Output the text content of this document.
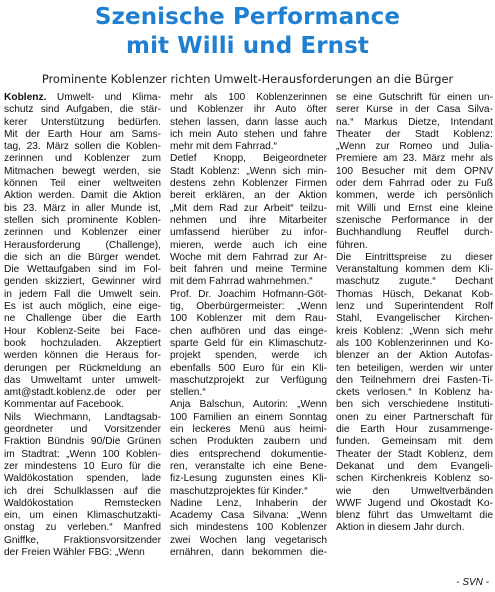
Szenische Performance
mit Willi und Ernst
Prominente Koblenzer richten Umwelt-Herausforderungen an die Bürger
Koblenz. Umwelt- und Klima-
schutz sind Aufgaben, die stär-
kerer Unterstützung bedürfen.
Mit der Earth Hour am Sams-
tag, 23. März sollen die Koblen-
zerinnen und Koblenzer zum
Mitmachen bewegt werden, sie
können Teil einer weltweiten
Aktion werden. Damit die Aktion
bis 23. März in aller Munde ist,
stellen sich prominente Koblen-
zerinnen und Koblenzer einer
Herausforderung (Challenge),
die sich an die Bürger wendet.
Die Wettaufgaben sind im Fol-
genden skizziert, Gewinner wird
in jedem Fall die Umwelt sein.
Es ist auch möglich, eine eige-
ne Challenge über die Earth
Hour Koblenz-Seite bei Face-
book hochzuladen. Akzeptiert
werden können die Heraus for-
derungen per Rückmeldung an
das Umweltamt unter umwelt-
amt@stadt.koblenz.de oder per
Kommentar auf Facebook.
Nils Wiechmann, Landtagsab-
geordneter und Vorsitzender
Fraktion Bündnis 90/Die Grünen
im Stadtrat: „Wenn 100 Koblen-
zer mindestens 10 Euro für die
Waldökostation spenden, lade
ich drei Schulklassen auf die
Waldökostation Remstecken
ein, um einen Klimaschutzakti-
onstag zu verleben.“ Manfred
Gniffke, Fraktionsvorsitzender
der Freien Wähler FBG: „Wenn
mehr als 100 Koblenzerinnen
und Koblenzer ihr Auto öfter
stehen lassen, dann lasse auch
ich mein Auto stehen und fahre
mehr mit dem Fahrrad.“
Detlef Knopp, Beigeordneter
Stadt Koblenz: „Wenn sich min-
destens zehn Koblenzer Firmen
bereit erklären, an der Aktion
„Mit dem Rad zur Arbeit“ teilzu-
nehmen und ihre Mitarbeiter
umfassend hierüber zu infor-
mieren, werde auch ich eine
Woche mit dem Fahrrad zur Ar-
beit fahren und meine Termine
mit dem Fahrrad wahrnehmen.“
Prof. Dr. Joachim Hofmann-Göt-
tig, Oberbürgermeister: „Wenn
100 Koblenzer mit dem Rau-
chen aufhören und das einge-
sparte Geld für ein Klimaschutz-
projekt spenden, werde ich
ebenfalls 500 Euro für ein Kli-
maschutzprojekt zur Verfügung
stellen.“
Anja Balschun, Autorin: „Wenn
100 Familien an einem Sonntag
ein leckeres Menü aus heimi-
schen Produkten zaubern und
dies entsprechend dokumentie-
ren, veranstalte ich eine Bene-
fiz-Lesung zugunsten eines Kli-
maschutzprojektes für Kinder.“
Nadine Lenz, Inhaberin der
Academy Casa Silvana: „Wenn
sich mindestens 100 Koblenzer
zwei Wochen lang vegetarisch
ernähren, dann bekommen die-
se eine Gutschrift für einen un-
serer Kurse in der Casa Silva-
na.“ Markus Dietze, Intendant
Theater der Stadt Koblenz:
„Wenn zur Romeo und Julia-
Premiere am 23. März mehr als
100 Besucher mit dem ÖPNV
oder dem Fahrrad oder zu Fuß
kommen, werde ich persönlich
mit Willi und Ernst eine kleine
szenische Performance in der
Buchhandlung Reuffel durch-
führen.
Die Eintrittspreise zu dieser
Veranstaltung kommen dem Kli-
maschutz zugute.“ Dechant
Thomas Hüsch, Dekanat Kob-
lenz und Superintendent Rolf
Stahl, Evangelischer Kirchen-
kreis Koblenz: „Wenn sich mehr
als 100 Koblenzerinnen und Ko-
blenzer an der Aktion Autofas-
ten beteiligen, werden wir unter
den Teilnehmern drei Fasten-Ti-
ckets verlosen.“ In Koblenz ha-
ben sich verschiedene Instituti-
onen zu einer Partnerschaft für
die Earth Hour zusammenge-
funden. Gemeinsam mit dem
Theater der Stadt Koblenz, dem
Dekanat und dem Evangeli-
schen Kirchenkreis Koblenz so-
wie den Umweltverbänden
WWF Jugend und Ökostadt Ko-
blenz führt das Umweltamt die
Aktion in diesem Jahr durch.
- SVN -
